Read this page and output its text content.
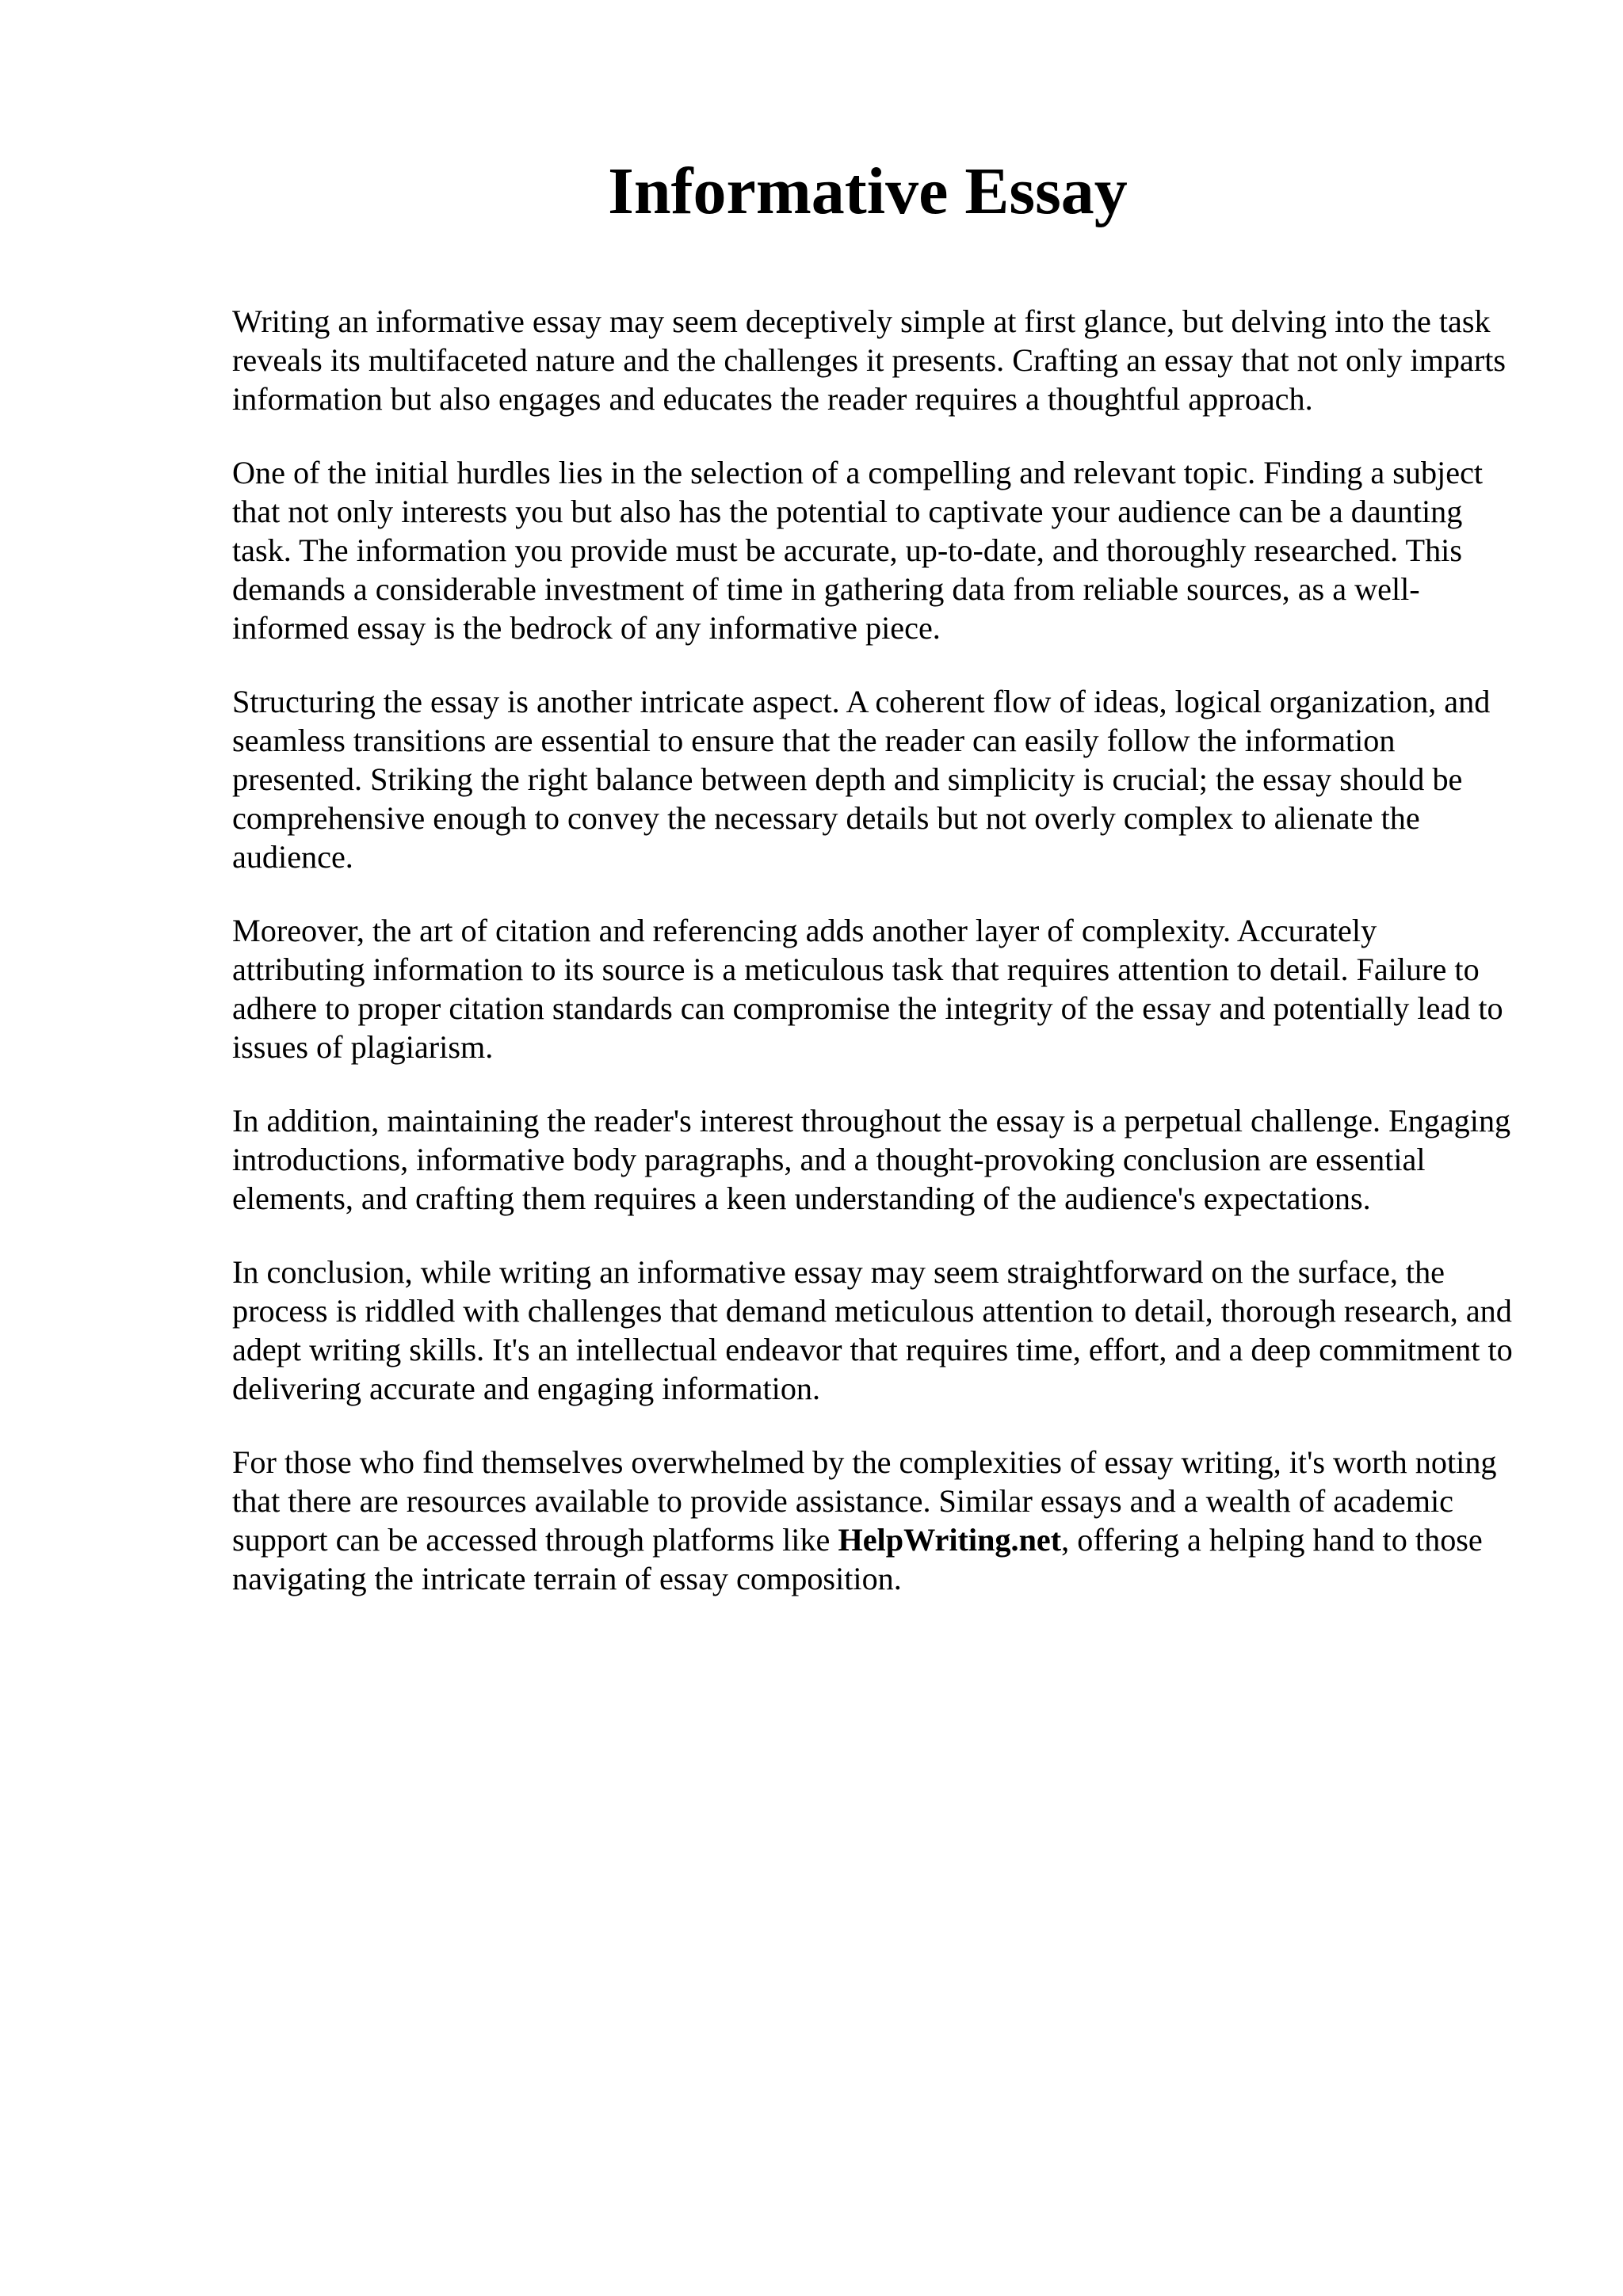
Informative Essay

Writing an informative essay may seem deceptively simple at first glance, but delving into the task reveals its multifaceted nature and the challenges it presents. Crafting an essay that not only imparts information but also engages and educates the reader requires a thoughtful approach.

One of the initial hurdles lies in the selection of a compelling and relevant topic. Finding a subject that not only interests you but also has the potential to captivate your audience can be a daunting task. The information you provide must be accurate, up-to-date, and thoroughly researched. This demands a considerable investment of time in gathering data from reliable sources, as a well-informed essay is the bedrock of any informative piece.

Structuring the essay is another intricate aspect. A coherent flow of ideas, logical organization, and seamless transitions are essential to ensure that the reader can easily follow the information presented. Striking the right balance between depth and simplicity is crucial; the essay should be comprehensive enough to convey the necessary details but not overly complex to alienate the audience.

Moreover, the art of citation and referencing adds another layer of complexity. Accurately attributing information to its source is a meticulous task that requires attention to detail. Failure to adhere to proper citation standards can compromise the integrity of the essay and potentially lead to issues of plagiarism.

In addition, maintaining the reader's interest throughout the essay is a perpetual challenge. Engaging introductions, informative body paragraphs, and a thought-provoking conclusion are essential elements, and crafting them requires a keen understanding of the audience's expectations.

In conclusion, while writing an informative essay may seem straightforward on the surface, the process is riddled with challenges that demand meticulous attention to detail, thorough research, and adept writing skills. It's an intellectual endeavor that requires time, effort, and a deep commitment to delivering accurate and engaging information.

For those who find themselves overwhelmed by the complexities of essay writing, it's worth noting that there are resources available to provide assistance. Similar essays and a wealth of academic support can be accessed through platforms like HelpWriting.net, offering a helping hand to those navigating the intricate terrain of essay composition.
